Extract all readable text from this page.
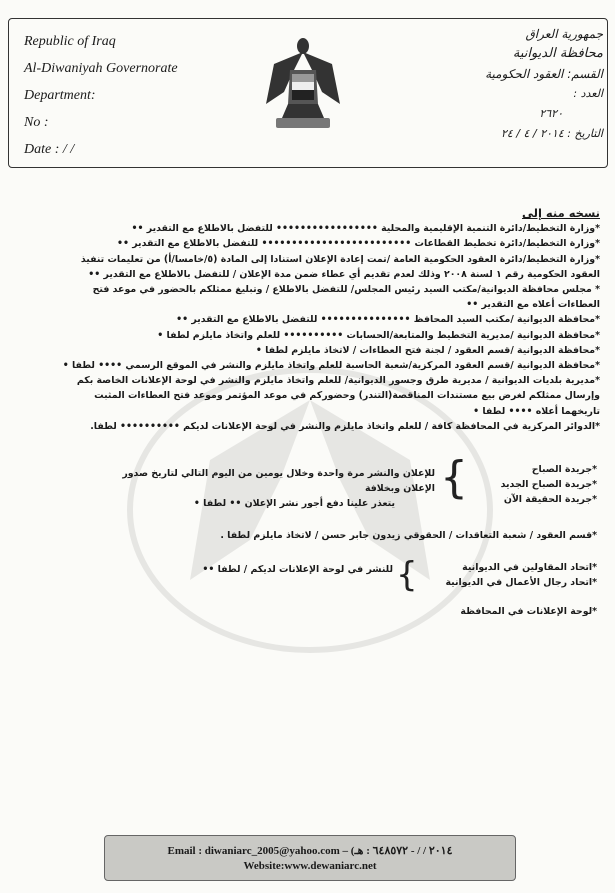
Republic of Iraq
Al-Diwaniyah Governorate
Department:
No :
Date : / /
جمهورية العراق
محافظة الديوانية
القسم: العقود الحكومية
العدد :
٢٦٢٠
التاريخ : ٢٠١٤ / ٤ / ٢٤

نسخه منه إلى

*وزارة التخطيط/دائرة التنمية الإقليمية والمحلية ••••••••••••••••• للتفضل بالاطلاع مع التقدير ••

*وزارة التخطيط/دائرة تخطيط القطاعات ••••••••••••••••••••••••• للتفضل بالاطلاع مع التقدير ••

*وزارة التخطيط/دائرة العقود الحكومية العامة /تمت إعادة الإعلان استنادا إلى المادة (٥/خامسا/أ) من تعليمات تنفيذ

العقود الحكومية رقم ١ لسنة ٢٠٠٨ وذلك لعدم تقديم أي عطاء ضمن مدة الإعلان / للتفضل بالاطلاع مع التقدير ••

* مجلس محافظة الديوانية/مكتب السيد رئيس المجلس/ للتفضل بالاطلاع / وتبليغ ممثلكم بالحضور في موعد فتح

العطاءات أعلاه مع التقدير ••

*محافظة الديوانية /مكتب السيد المحافظ ••••••••••••••• للتفضل بالاطلاع مع التقدير ••

*محافظة الديوانية /مديرية التخطيط والمتابعة/الحسابات •••••••••• للعلم واتخاذ مايلزم لطفا •

*محافظة الديوانية /قسم العقود / لجنة فتح العطاءات / لاتخاذ مايلزم لطفا •

*محافظة الديوانية /قسم العقود المركزية/شعبة الحاسبة للعلم واتخاذ مايلزم والنشر في الموقع الرسمي •••• لطفا •

*مديرية بلديات الديوانية / مديرية طرق وجسور الديوانية/ للعلم واتخاذ مايلزم والنشر في لوحة الإعلانات الخاصة بكم

وإرسال ممثلكم لغرض بيع مستندات المناقصة(التندر) وحضوركم في موعد المؤتمر وموعد فتح العطاءات المثبت

تاريخهما أعلاه •••• لطفا •

*الدوائر المركزية في المحافظة كافة / للعلم واتخاذ مايلزم والنشر في لوحة الإعلانات لديكم •••••••••• لطفا.

*جريدة الصباح
*جريدة الصباح الجديد
*جريدة الحقيقة الآن
{
للإعلان والنشر مرة واحدة وخلال يومين من اليوم التالي لتاريخ صدور الإعلان وبخلافة
يتعذر علينا دفع أجور نشر الإعلان •• لطفا •
*قسم العقود / شعبة التعاقدات / الحقوقي زيدون جابر حسن / لاتخاذ مايلزم لطفا .
*اتحاد المقاولين في الديوانية
*اتحاد رجال الأعمال في الديوانية
{
للنشر في لوحة الإعلانات لديكم / لطفا ••
*لوحة الإعلانات في المحافظة
Email : diwaniarc_2005@yahoo.com – (٢٠١٤ / / - ٦٤٨٥٧٢ : هـ
Website:www.dewaniarc.net
